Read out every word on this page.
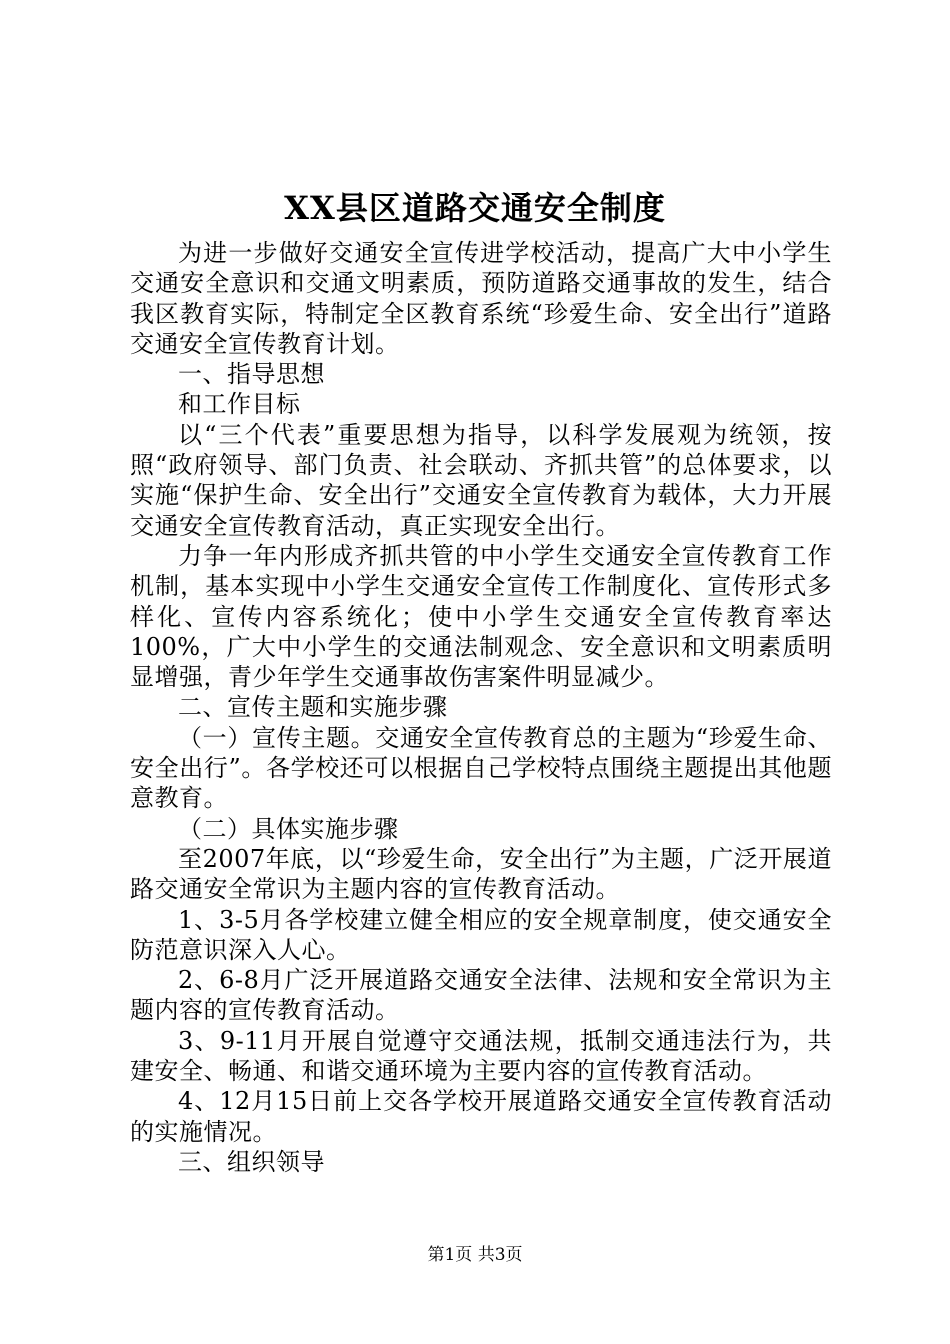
XX县区道路交通安全制度

为进一步做好交通安全宣传进学校活动，提高广大中小学生交通安全意识和交通文明素质，预防道路交通事故的发生，结合我区教育实际，特制定全区教育系统“珍爱生命、安全出行”道路交通安全宣传教育计划。

一、指导思想

和工作目标

以“三个代表”重要思想为指导，以科学发展观为统领，按照“政府领导、部门负责、社会联动、齐抓共管”的总体要求，以实施“保护生命、安全出行”交通安全宣传教育为载体，大力开展交通安全宣传教育活动，真正实现安全出行。

力争一年内形成齐抓共管的中小学生交通安全宣传教育工作机制，基本实现中小学生交通安全宣传工作制度化、宣传形式多样化、宣传内容系统化；使中小学生交通安全宣传教育率达100%，广大中小学生的交通法制观念、安全意识和文明素质明显增强，青少年学生交通事故伤害案件明显减少。

二、宣传主题和实施步骤

（一）宣传主题。交通安全宣传教育总的主题为“珍爱生命、安全出行”。各学校还可以根据自己学校特点围绕主题提出其他题意教育。

（二）具体实施步骤

至2007年底，以“珍爱生命，安全出行”为主题，广泛开展道路交通安全常识为主题内容的宣传教育活动。

1、3-5月各学校建立健全相应的安全规章制度，使交通安全防范意识深入人心。

2、6-8月广泛开展道路交通安全法律、法规和安全常识为主题内容的宣传教育活动。

3、9-11月开展自觉遵守交通法规，抵制交通违法行为，共建安全、畅通、和谐交通环境为主要内容的宣传教育活动。

4、12月15日前上交各学校开展道路交通安全宣传教育活动的实施情况。

三、组织领导

第1页 共3页
